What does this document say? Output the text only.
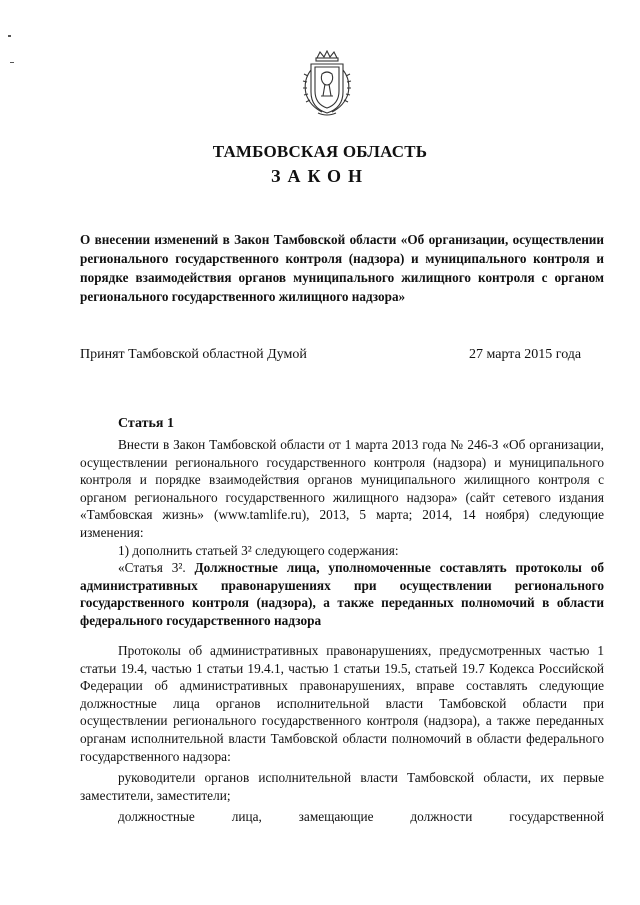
ТАМБОВСКАЯ ОБЛАСТЬ
ЗАКОН
О внесении изменений в Закон Тамбовской области «Об организации, осуществлении регионального государственного контроля (надзора) и муниципального контроля и порядке взаимодействия органов муниципального жилищного контроля с органом регионального государственного жилищного надзора»
Принят Тамбовской областной Думой	27 марта 2015 года
Статья 1

Внести в Закон Тамбовской области от 1 марта 2013 года № 246-З «Об организации, осуществлении регионального государственного контроля (надзора) и муниципального контроля и порядке взаимодействия органов муниципального жилищного контроля с органом регионального государственного жилищного надзора» (сайт сетевого издания «Тамбовская жизнь» (www.tamlife.ru), 2013, 5 марта; 2014, 14 ноября) следующие изменения:

1) дополнить статьей 3² следующего содержания:

«Статья 3². Должностные лица, уполномоченные составлять протоколы об административных правонарушениях при осуществлении регионального государственного контроля (надзора), а также переданных полномочий в области федерального государственного надзора

Протоколы об административных правонарушениях, предусмотренных частью 1 статьи 19.4, частью 1 статьи 19.4.1, частью 1 статьи 19.5, статьей 19.7 Кодекса Российской Федерации об административных правонарушениях, вправе составлять следующие должностные лица органов исполнительной власти Тамбовской области при осуществлении регионального государственного контроля (надзора), а также переданных органам исполнительной власти Тамбовской области полномочий в области федерального государственного надзора:

руководители органов исполнительной власти Тамбовской области, их первые заместители, заместители;

должностные лица, замещающие должности государственной
